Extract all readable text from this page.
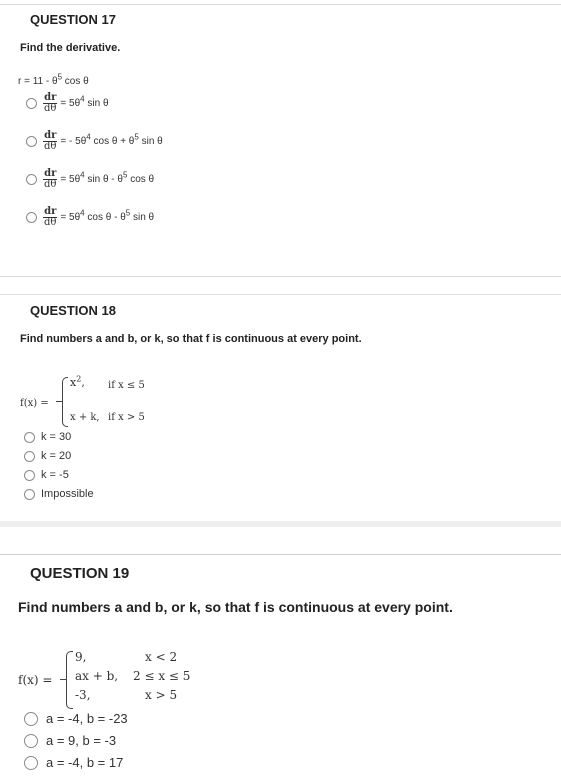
QUESTION 17
Find the derivative.
$r = 11 - \theta^5$ cos θ
$\frac{dr}{d\theta} = 5\theta^4$ sin θ
$\frac{dr}{d\theta}$ = - $5\theta^4$ $\cos \theta + \theta^5$ sin θ
$\frac{dr}{d\theta} = 5\theta^4$ sin θ - $\theta^5$ cos θ
$\frac{dr}{d\theta} = 5\theta^4$ cos θ - $\theta^5$ sin θ
QUESTION 18
Find numbers a and b, or k, so that f is continuous at every point.
f(x) =
$x^2$, if x ≤ 5
x + k, if x > 5
k = 30
k = 20
k = -5
Impossible
QUESTION 19
Find numbers a and b, or k, so that f is continuous at every point.
f(x) =
9,	x < 2
ax + b, 2 ≤ x ≤ 5
-3,	x > 5
a = -4, b = -23
a = 9, b = -3
a = -4, b = 17
